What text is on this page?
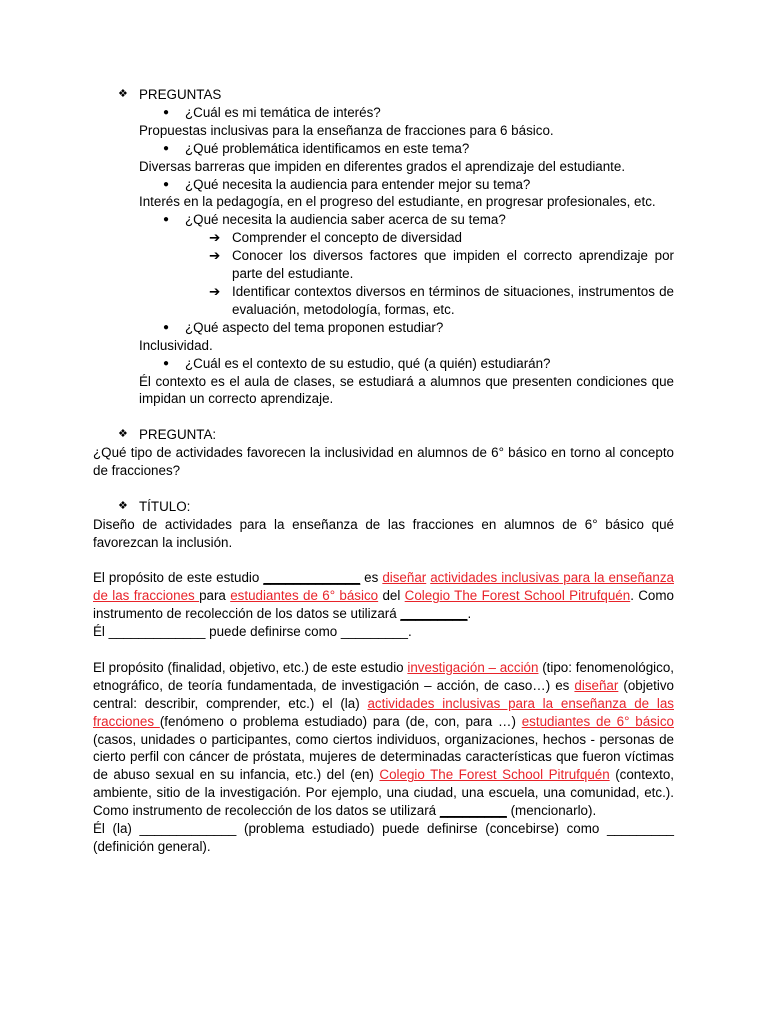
❖ PREGUNTAS
●	¿Cuál es mi temática de interés?

Propuestas inclusivas para la enseñanza de fracciones para 6 básico.

●	¿Qué problemática identificamos en este tema?

Diversas barreras que impiden en diferentes grados el aprendizaje del estudiante.

●	¿Qué necesita la audiencia para entender mejor su tema?

Interés en la pedagogía, en el progreso del estudiante, en progresar profesionales, etc.

●	¿Qué necesita la audiencia saber acerca de su tema?
➔ Comprender el concepto de diversidad
➔ Conocer los diversos factores que impiden el correcto aprendizaje por parte del estudiante.
➔ Identificar contextos diversos en términos de situaciones, instrumentos de evaluación, metodología, formas, etc.
●	¿Qué aspecto del tema proponen estudiar?

Inclusividad.

●	¿Cuál es el contexto de su estudio, qué (a quién) estudiarán?

Él contexto es el aula de clases, se estudiará a alumnos que presenten condiciones que impidan un correcto aprendizaje.

❖ PREGUNTA:

¿Qué tipo de actividades favorecen la inclusividad en alumnos de 6° básico en torno al concepto de fracciones?

❖ TÍTULO:

Diseño de actividades para la enseñanza de las fracciones en alumnos de 6° básico qué favorezcan la inclusión.

El propósito de este estudio _____________ es diseñar actividades inclusivas para la enseñanza de las fracciones para estudiantes de 6° básico del Colegio The Forest School Pitrufquén. Como instrumento de recolección de los datos se utilizará _________.

Él _____________ puede definirse como _________.

El propósito (finalidad, objetivo, etc.) de este estudio investigación – acción (tipo: fenomenológico, etnográfico, de teoría fundamentada, de investigación – acción, de caso…) es diseñar (objetivo central: describir, comprender, etc.) el (la) actividades inclusivas para la enseñanza de las fracciones (fenómeno o problema estudiado) para (de, con, para …) estudiantes de 6° básico (casos, unidades o participantes, como ciertos individuos, organizaciones, hechos - personas de cierto perfil con cáncer de próstata, mujeres de determinadas características que fueron víctimas de abuso sexual en su infancia, etc.) del (en) Colegio The Forest School Pitrufquén (contexto, ambiente, sitio de la investigación. Por ejemplo, una ciudad, una escuela, una comunidad, etc.). Como instrumento de recolección de los datos se utilizará _________ (mencionarlo).

Él (la) _____________ (problema estudiado) puede definirse (concebirse) como _________ (definición general).
